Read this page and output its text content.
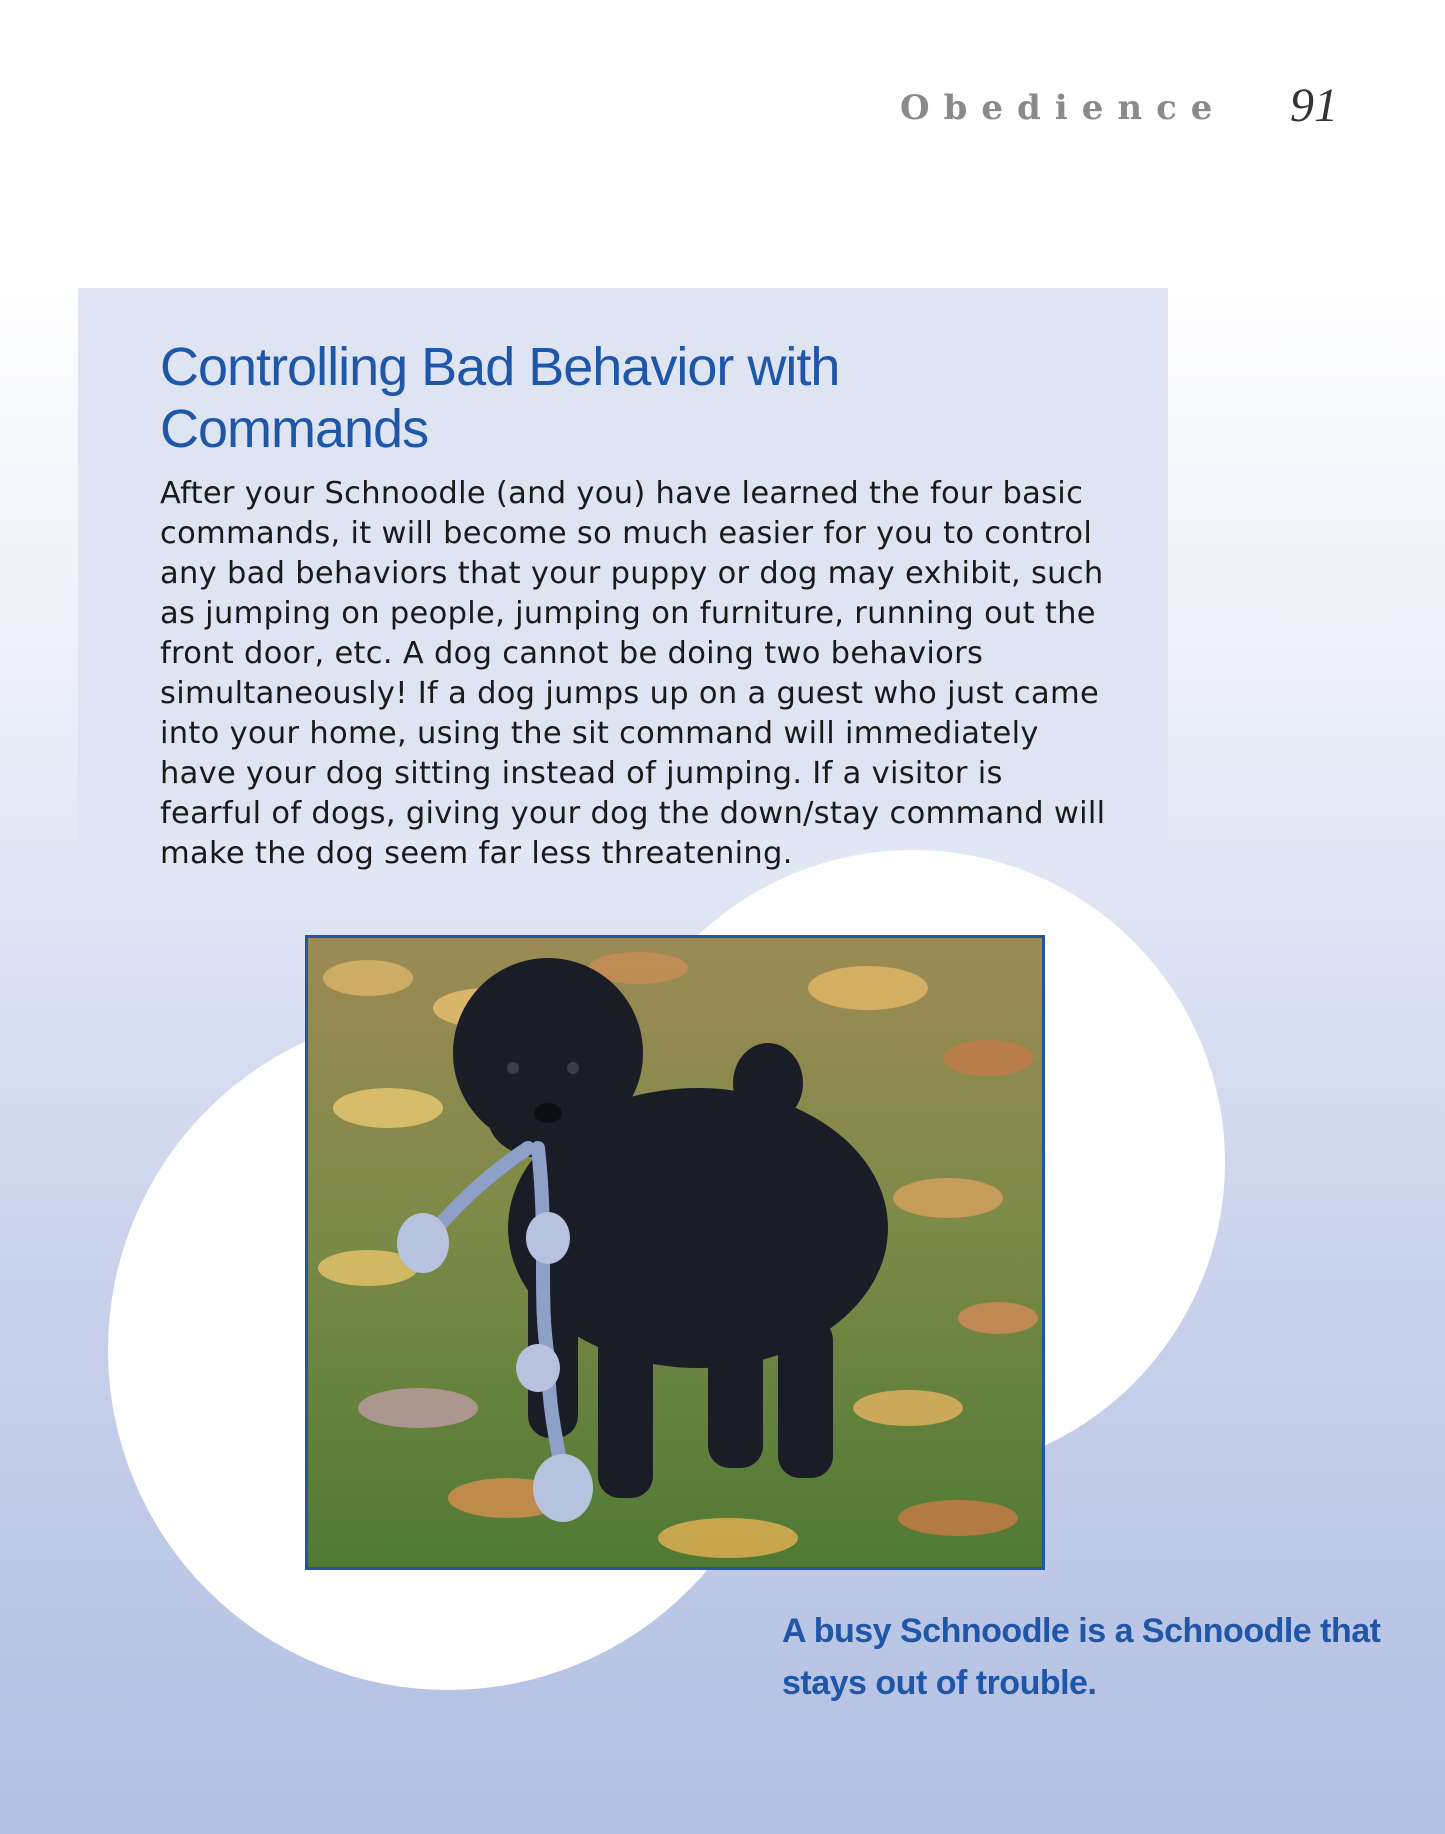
Obedience 91
Controlling Bad Behavior with Commands

After your Schnoodle (and you) have learned the four basic commands, it will become so much easier for you to control any bad behaviors that your puppy or dog may exhibit, such as jumping on people, jumping on furniture, running out the front door, etc. A dog cannot be doing two behaviors simultaneously! If a dog jumps up on a guest who just came into your home, using the sit command will immediately have your dog sitting instead of jumping. If a visitor is fearful of dogs, giving your dog the down/stay command will make the dog seem far less threatening.

A busy Schnoodle is a Schnoodle that stays out of trouble.
